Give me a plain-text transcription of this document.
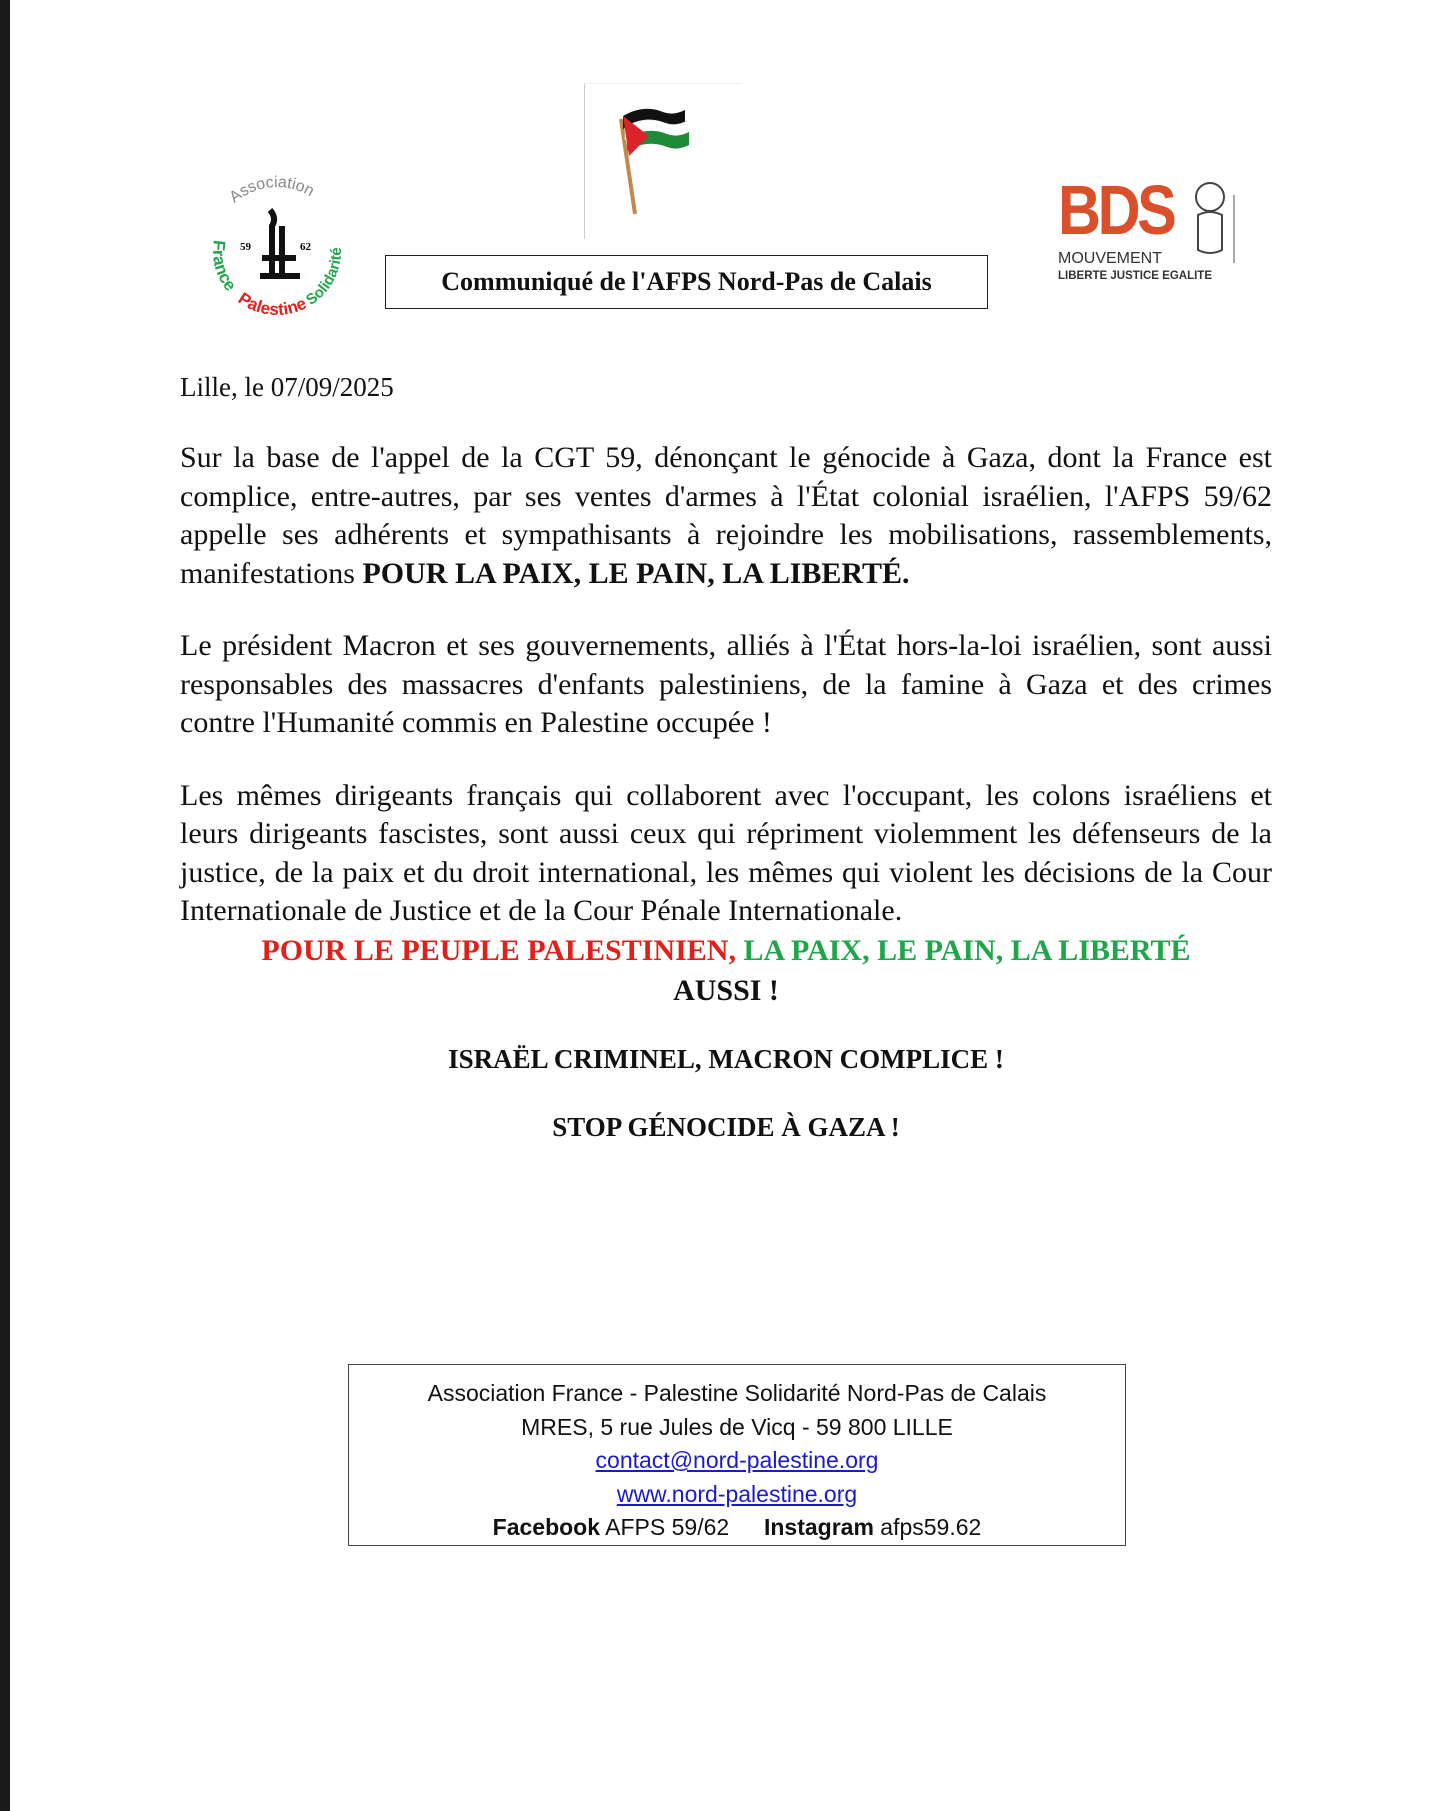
Association
France
Palestine
Solidarité
59	62
Communiqué de l'AFPS Nord-Pas de Calais
BDS
MOUVEMENT
LIBERTE JUSTICE EGALITE
Lille, le 07/09/2025

Sur la base de l'appel de la CGT 59, dénonçant le génocide à Gaza, dont la France est complice, entre-autres, par ses ventes d'armes à l'État colonial israélien, l'AFPS 59/62 appelle ses adhérents et sympathisants à rejoindre les mobilisations, rassemblements, manifestations POUR LA PAIX, LE PAIN, LA LIBERTÉ.

Le président Macron et ses gouvernements, alliés à l'État hors-la-loi israélien, sont aussi responsables des massacres d'enfants palestiniens, de la famine à Gaza et des crimes contre l'Humanité commis en Palestine occupée !

Les mêmes dirigeants français qui collaborent avec l'occupant, les colons israéliens et leurs dirigeants fascistes, sont aussi ceux qui répriment violemment les défenseurs de la justice, de la paix et du droit international, les mêmes qui violent les décisions de la Cour Internationale de Justice et de la Cour Pénale Internationale.

POUR LE PEUPLE PALESTINIEN, LA PAIX, LE PAIN, LA LIBERTÉ
AUSSI !
ISRAËL CRIMINEL, MACRON COMPLICE !
STOP GÉNOCIDE À GAZA !
Association France - Palestine Solidarité Nord-Pas de Calais
MRES, 5 rue Jules de Vicq - 59 800 LILLE
contact@nord-palestine.org
www.nord-palestine.org
Facebook AFPS 59/62 Instagram afps59.62
